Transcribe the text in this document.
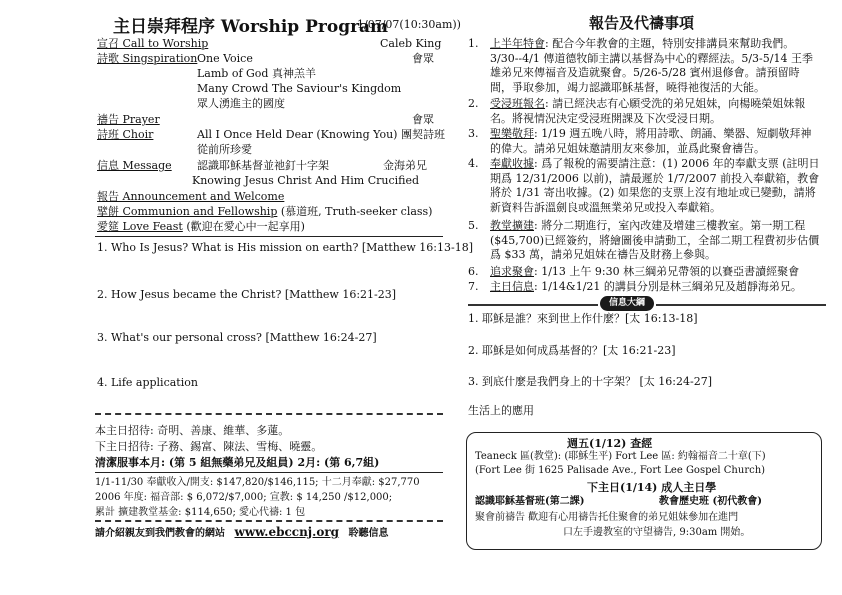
主日崇拜程序 Worship Program
1/07/07(10:30am))
宣召 Call to Worship	Caleb King
詩歌 Singspiration One Voice	會眾
Lamb of God 真神羔羊
Many Crowd The Saviour's Kingdom
眾人湧進主的國度
禱告 Prayer	會眾
詩班 Choir	All I Once Held Dear (Knowing You) 團契詩班
從前所珍愛
信息 Message 認識耶穌基督並祂釘十字架	金海弟兄
Knowing Jesus Christ And Him Crucified
報告 Announcement and Welcome
擘餅 Communion and Fellowship (慕道班, Truth-seeker class)
愛筵 Love Feast (歡迎在愛心中一起享用)
1. Who Is Jesus? What is His mission on earth? [Matthew 16:13-18]
2. How Jesus became the Christ? [Matthew 16:21-23]
3. What's our personal cross? [Matthew 16:24-27]
4. Life application
本主日招待: 奇明、善康、維華、多蓮。
下主日招待: 子務、錫富、陳法、雪梅、曉靈。
清潔服事本月: (第 5 組無藥弟兄及組員) 2月: (第 6,7組)
1/1-11/30 奉獻收入/開支: $147,820/$146,115; 十二月奉獻: $27,770
2006 年度: 福音部: $ 6,072/$7,000; 宣教: $ 14,250 /$12,000;
累計 擴建教堂基金: $114,650; 愛心代禱: 1 包
請介紹親友到我們教會的網站 www.ebccnj.org 聆聽信息
報告及代禱事項
1. 上半年特會: 配合今年教會的主題，特別安排講員來幫助我們。3/30--4/1 傳道德牧師主講以基督為中心的釋經法。5/3-5/14 王季雄弟兄來傳福音及造就聚會。5/26-5/28 賓州退修會。請預留時間，爭取參加，竭力認識耶穌基督，曉得祂復活的大能。
2. 受浸班報名: 請已經決志有心願受洗的弟兄姐妹，向楊曉榮姐妹報名。將視情況決定受浸班開課及下次受浸日期。
3. 聖樂敬拜: 1/19 週五晚八時，將用詩歌、朗誦、樂器、短劇敬拜神的偉大。請弟兄姐妹邀請朋友來參加，並爲此聚會禱告。
4. 奉獻收據: 爲了報稅的需要請注意：(1) 2006 年的奉獻支票 (註明日期爲 12/31/2006 以前)，請最遲於 1/7/2007 前投入奉獻箱，教會將於 1/31 寄出收據。(2) 如果您的支票上沒有地址或已變動，請將新資料告訴溫劍良或溫無業弟兄或投入奉獻箱。
5. 教堂擴建: 將分二期進行，室內改建及增建三樓教室。第一期工程($45,700)已經簽約，將繪圖後申請動工，全部二期工程費初步估價爲 $33 萬，請弟兄姐妹在禱告及財務上參與。
6. 追求聚會: 1/13 上午 9:30 林三綱弟兄帶領的以賽亞書讀經聚會
7. 主日信息: 1/14&1/21 的講員分別是林三綱弟兄及趙靜海弟兄。
信息大綱
1. 耶穌是誰？來到世上作什麼？[太 16:13-18]
2. 耶穌是如何成爲基督的？[太 16:21-23]
3. 到底什麼是我們身上的十字架？ [太 16:24-27]
生活上的應用
週五(1/12) 查經
Teaneck 區(教堂): (耶穌生平) Fort Lee 區: 約翰福音二十章(下)
(Fort Lee 街 1625 Palisade Ave., Fort Lee Gospel Church)
下主日(1/14) 成人主日學
認識耶穌基督班(第二課)	教會歷史班 (初代教會)
聚會前禱告 歡迎有心用禱告托住聚會的弟兄姐妹參加在進門
口左手邊教室的守望禱告, 9:30am 開始。
